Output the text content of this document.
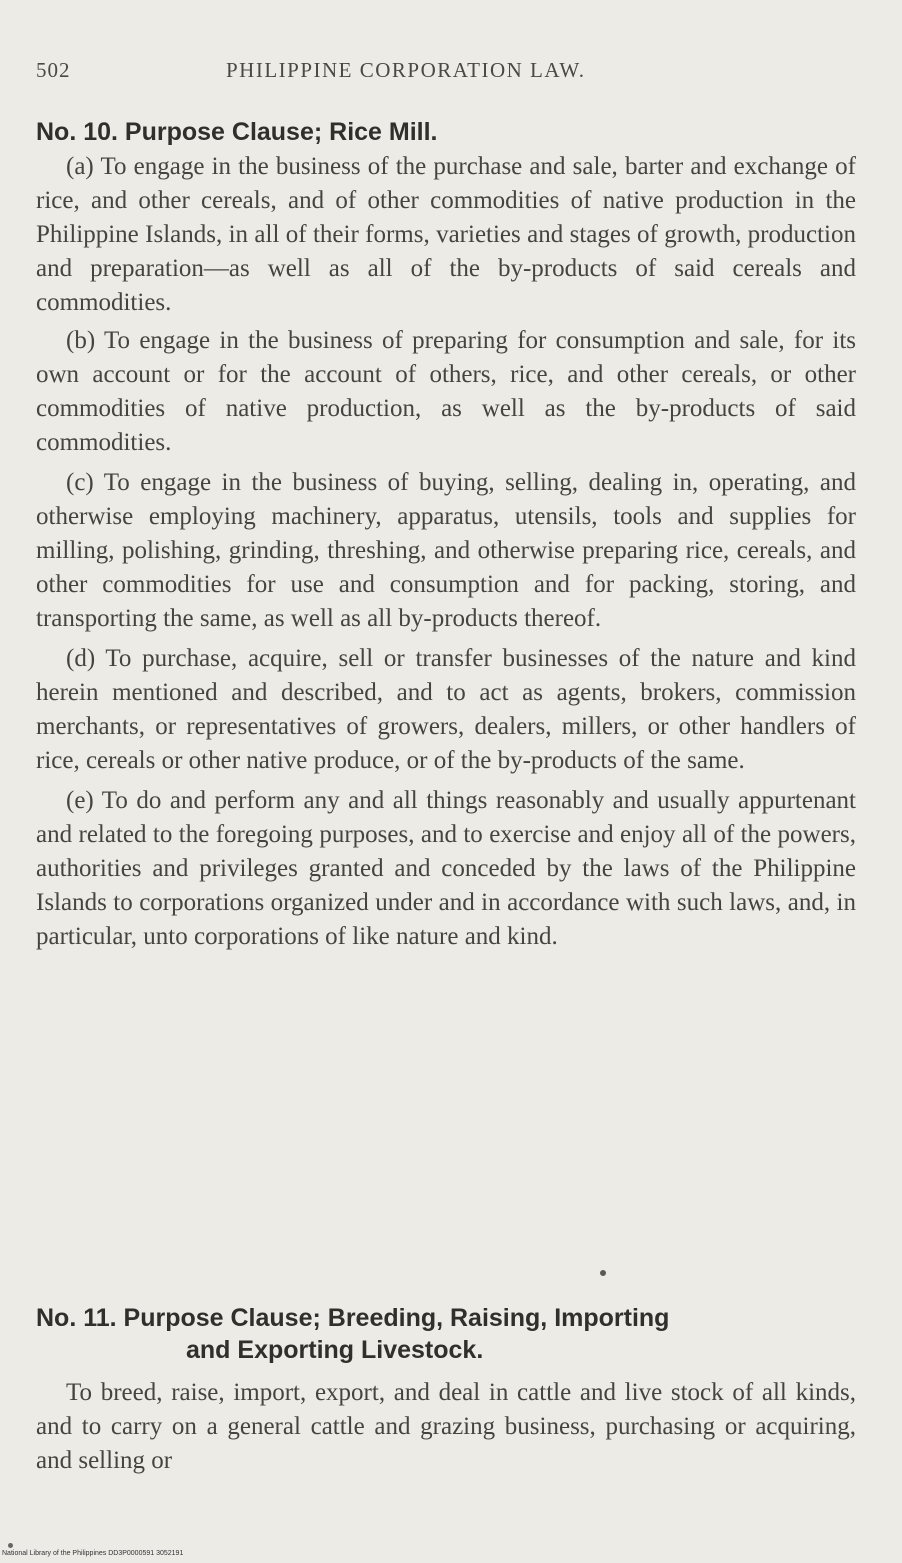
502	PHILIPPINE CORPORATION LAW.
No. 10. Purpose Clause; Rice Mill.

(a) To engage in the business of the purchase and sale, barter and exchange of rice, and other cereals, and of other commodities of native production in the Philippine Islands, in all of their forms, varieties and stages of growth, production and preparation—as well as all of the by-products of said cereals and commodities.

(b) To engage in the business of preparing for consumption and sale, for its own account or for the account of others, rice, and other cereals, or other commodities of native production, as well as the by-products of said commodities.

(c) To engage in the business of buying, selling, dealing in, operating, and otherwise employing machinery, apparatus, utensils, tools and supplies for milling, polishing, grinding, threshing, and otherwise preparing rice, cereals, and other commodities for use and consumption and for packing, storing, and transporting the same, as well as all by-products thereof.

(d) To purchase, acquire, sell or transfer businesses of the nature and kind herein mentioned and described, and to act as agents, brokers, commission merchants, or representatives of growers, dealers, millers, or other handlers of rice, cereals or other native produce, or of the by-products of the same.

(e) To do and perform any and all things reasonably and usually appurtenant and related to the foregoing purposes, and to exercise and enjoy all of the powers, authorities and privileges granted and conceded by the laws of the Philippine Islands to corporations organized under and in accordance with such laws, and, in particular, unto corporations of like nature and kind.

No. 11. Purpose Clause; Breeding, Raising, Importing
and Exporting Livestock.

To breed, raise, import, export, and deal in cattle and live stock of all kinds, and to carry on a general cattle and grazing business, purchasing or acquiring, and selling or

National Library of the Philippines DD3P0000591 3052191
